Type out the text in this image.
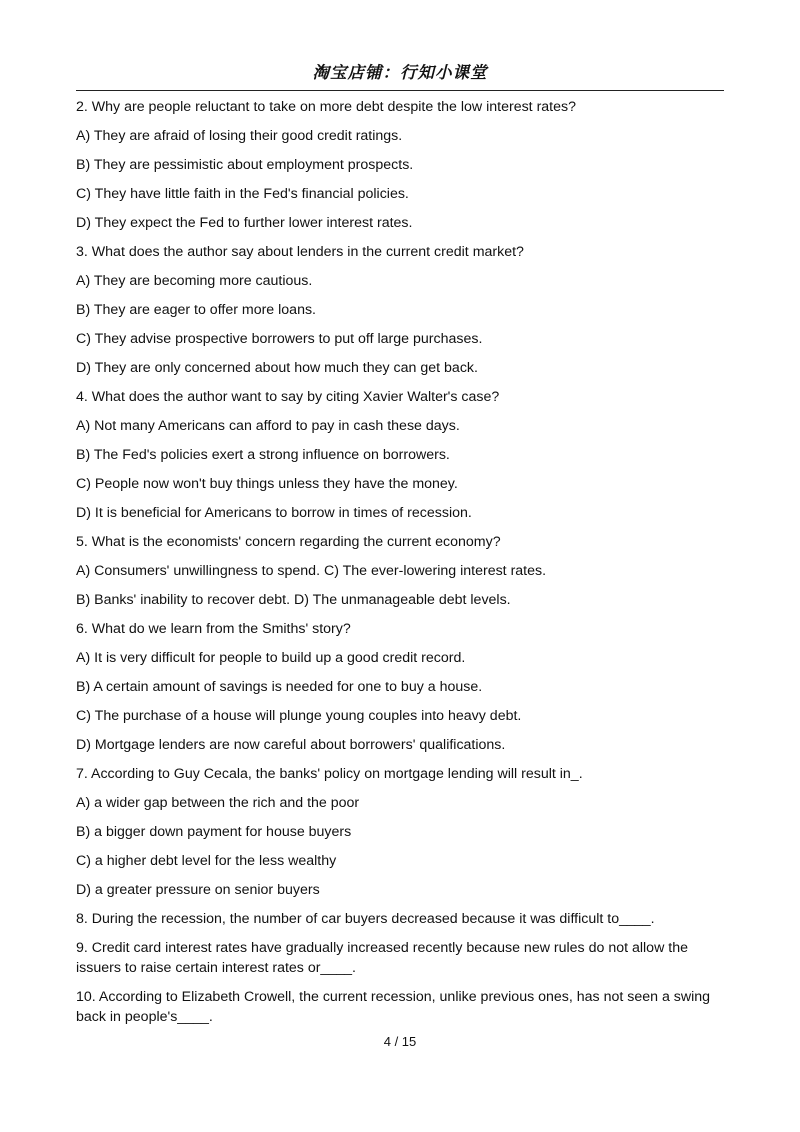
淘宝店铺：行知小课堂

2. Why are people reluctant to take on more debt despite the low interest rates?

A) They are afraid of losing their good credit ratings.

B) They are pessimistic about employment prospects.

C) They have little faith in the Fed's financial policies.

D) They expect the Fed to further lower interest rates.

3. What does the author say about lenders in the current credit market?

A) They are becoming more cautious.

B) They are eager to offer more loans.

C) They advise prospective borrowers to put off large purchases.

D) They are only concerned about how much they can get back.

4. What does the author want to say by citing Xavier Walter's case?

A) Not many Americans can afford to pay in cash these days.

B) The Fed's policies exert a strong influence on borrowers.

C) People now won't buy things unless they have the money.

D) It is beneficial for Americans to borrow in times of recession.

5. What is the economists' concern regarding the current economy?

A) Consumers' unwillingness to spend. C) The ever-lowering interest rates.

B) Banks' inability to recover debt. D) The unmanageable debt levels.

6. What do we learn from the Smiths' story?

A) It is very difficult for people to build up a good credit record.

B) A certain amount of savings is needed for one to buy a house.

C) The purchase of a house will plunge young couples into heavy debt.

D) Mortgage lenders are now careful about borrowers' qualifications.

7. According to Guy Cecala, the banks' policy on mortgage lending will result in_.

A) a wider gap between the rich and the poor

B) a bigger down payment for house buyers

C) a higher debt level for the less wealthy

D) a greater pressure on senior buyers

8. During the recession, the number of car buyers decreased because it was difficult to____.

9. Credit card interest rates have gradually increased recently because new rules do not allow the issuers to raise certain interest rates or____.

10. According to Elizabeth Crowell, the current recession, unlike previous ones, has not seen a swing back in people's____.

4 / 15
